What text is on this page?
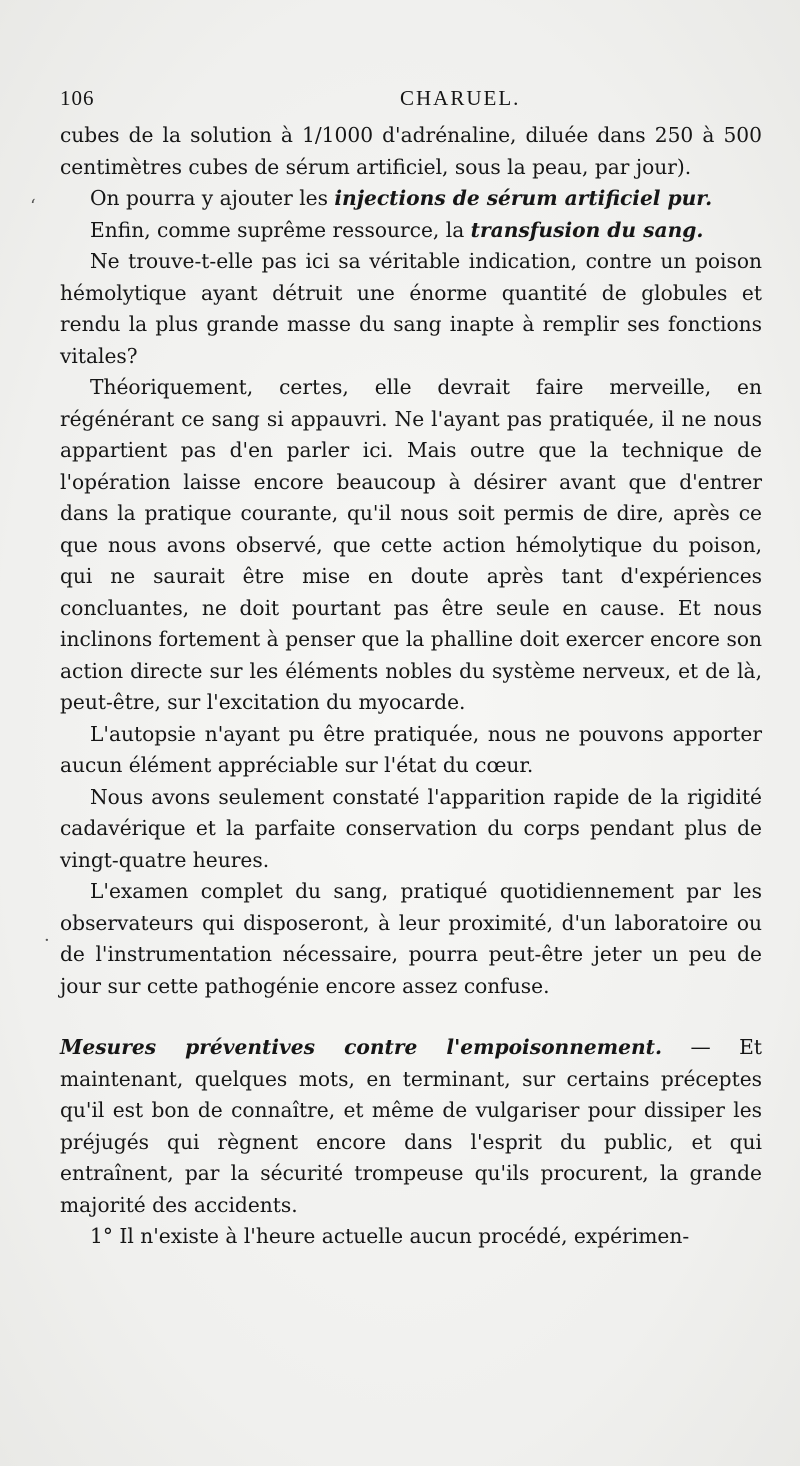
106	CHARUEL.
‘
·

cubes de la solution à 1/1000 d'adrénaline, diluée dans 250 à 500 centimètres cubes de sérum artificiel, sous la peau, par jour).

On pourra y ajouter les injections de sérum artificiel pur.

Enfin, comme suprême ressource, la transfusion du sang.

Ne trouve-t-elle pas ici sa véritable indication, contre un poison hémolytique ayant détruit une énorme quantité de globules et rendu la plus grande masse du sang inapte à remplir ses fonctions vitales?

Théoriquement, certes, elle devrait faire merveille, en régénérant ce sang si appauvri. Ne l'ayant pas pratiquée, il ne nous appartient pas d'en parler ici. Mais outre que la technique de l'opération laisse encore beaucoup à désirer avant que d'entrer dans la pratique courante, qu'il nous soit permis de dire, après ce que nous avons observé, que cette action hémolytique du poison, qui ne saurait être mise en doute après tant d'expériences concluantes, ne doit pourtant pas être seule en cause. Et nous inclinons fortement à penser que la phalline doit exercer encore son action directe sur les éléments nobles du système nerveux, et de là, peut-être, sur l'excitation du myocarde.

L'autopsie n'ayant pu être pratiquée, nous ne pouvons apporter aucun élément appréciable sur l'état du cœur.

Nous avons seulement constaté l'apparition rapide de la rigidité cadavérique et la parfaite conservation du corps pendant plus de vingt-quatre heures.

L'examen complet du sang, pratiqué quotidiennement par les observateurs qui disposeront, à leur proximité, d'un laboratoire ou de l'instrumentation nécessaire, pourra peut-être jeter un peu de jour sur cette pathogénie encore assez confuse.

Mesures préventives contre l'empoisonnement. — Et maintenant, quelques mots, en terminant, sur certains préceptes qu'il est bon de connaître, et même de vulgariser pour dissiper les préjugés qui règnent encore dans l'esprit du public, et qui entraînent, par la sécurité trompeuse qu'ils procurent, la grande majorité des accidents.

1° Il n'existe à l'heure actuelle aucun procédé, expérimen-
